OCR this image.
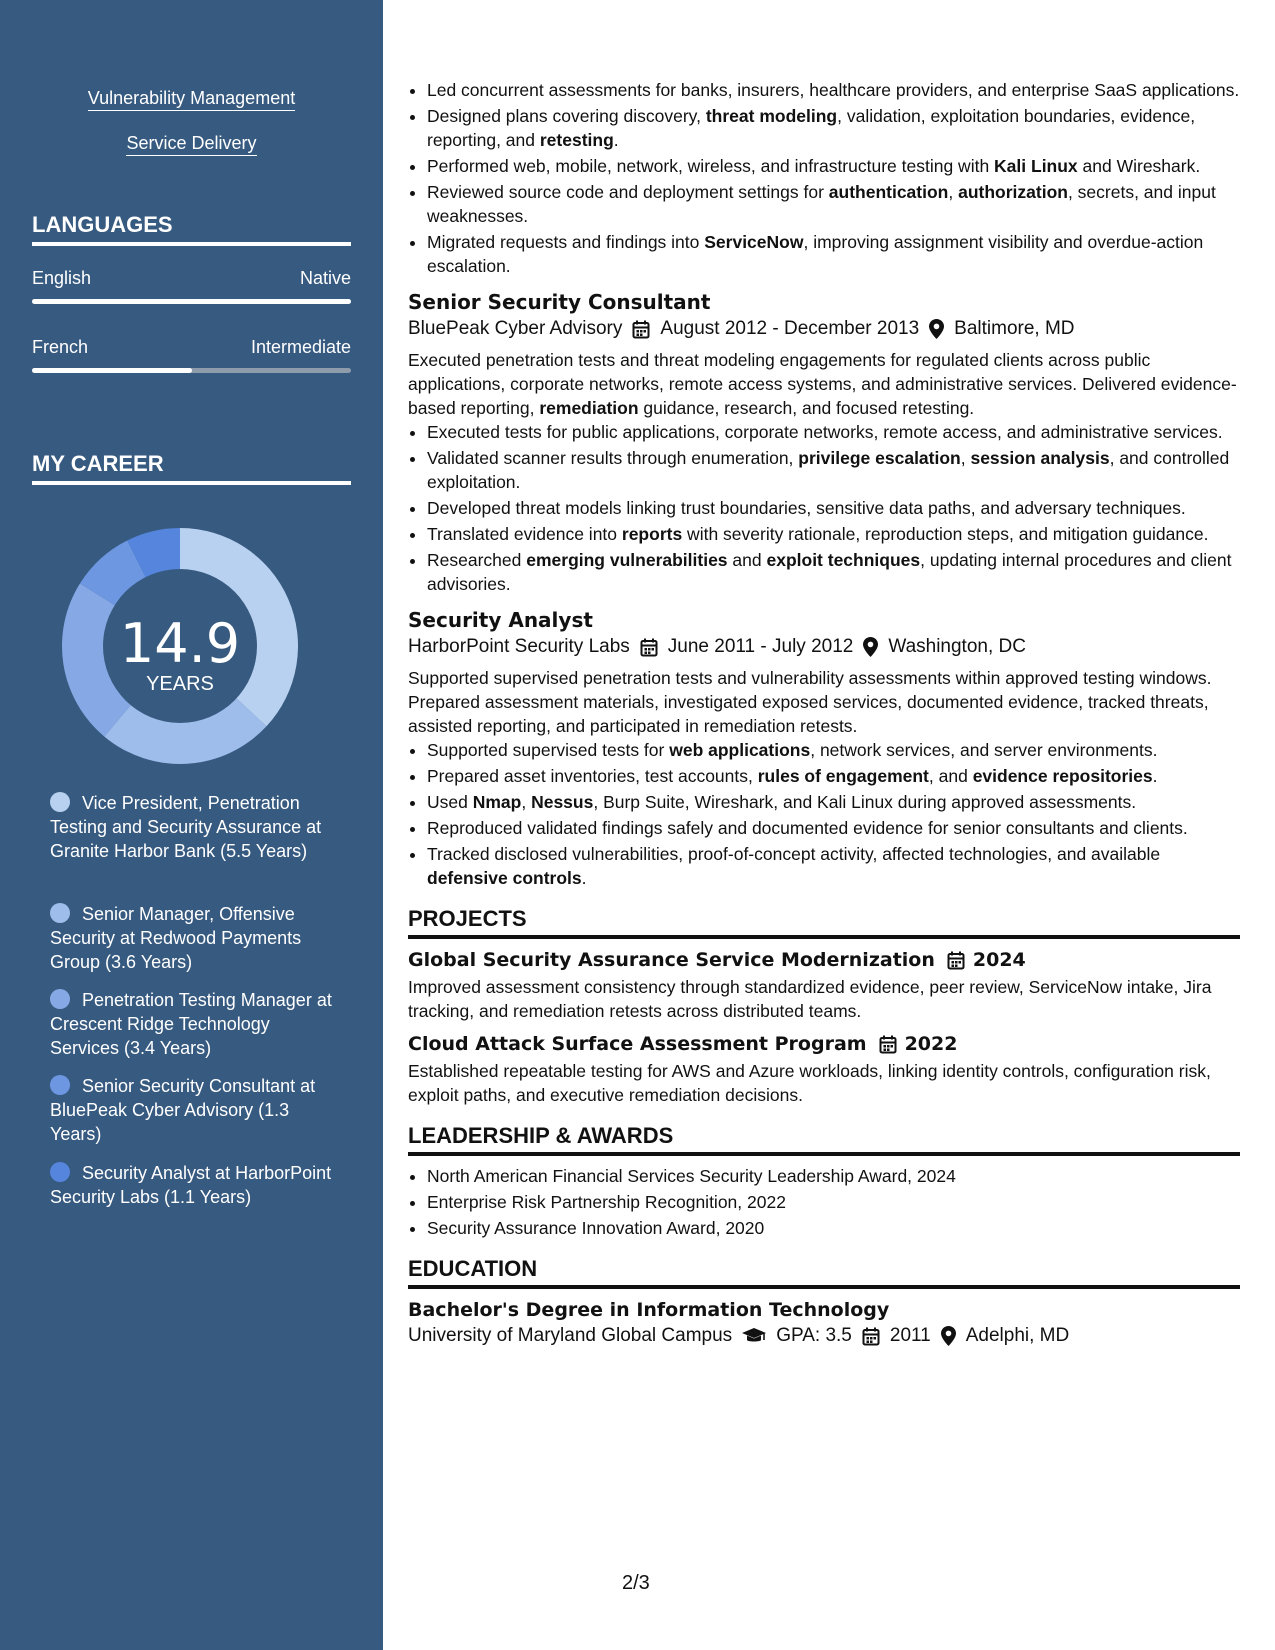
Vulnerability Management
Service Delivery
LANGUAGES
English	Native
French	Intermediate
MY CAREER
14.9
YEARS
Vice President, Penetration Testing and Security Assurance at Granite Harbor Bank (5.5 Years)
Senior Manager, Offensive Security at Redwood Payments Group (3.6 Years)
Penetration Testing Manager at Crescent Ridge Technology Services (3.4 Years)
Senior Security Consultant at BluePeak Cyber Advisory (1.3 Years)
Security Analyst at HarborPoint Security Labs (1.1 Years)
• Led concurrent assessments for banks, insurers, healthcare providers, and enterprise SaaS applications.
• Designed plans covering discovery, threat modeling, validation, exploitation boundaries, evidence, reporting, and retesting.
• Performed web, mobile, network, wireless, and infrastructure testing with Kali Linux and Wireshark.
• Reviewed source code and deployment settings for authentication, authorization, secrets, and input weaknesses.
• Migrated requests and findings into ServiceNow, improving assignment visibility and overdue-action escalation.
Senior Security Consultant
BluePeak Cyber Advisory August 2012 - December 2013 Baltimore, MD
Executed penetration tests and threat modeling engagements for regulated clients across public applications, corporate networks, remote access systems, and administrative services. Delivered evidence-based reporting, remediation guidance, research, and focused retesting.
• Executed tests for public applications, corporate networks, remote access, and administrative services.
• Validated scanner results through enumeration, privilege escalation, session analysis, and controlled exploitation.
• Developed threat models linking trust boundaries, sensitive data paths, and adversary techniques.
• Translated evidence into reports with severity rationale, reproduction steps, and mitigation guidance.
• Researched emerging vulnerabilities and exploit techniques, updating internal procedures and client advisories.
Security Analyst
HarborPoint Security Labs June 2011 - July 2012 Washington, DC
Supported supervised penetration tests and vulnerability assessments within approved testing windows. Prepared assessment materials, investigated exposed services, documented evidence, tracked threats, assisted reporting, and participated in remediation retests.
• Supported supervised tests for web applications, network services, and server environments.
• Prepared asset inventories, test accounts, rules of engagement, and evidence repositories.
• Used Nmap, Nessus, Burp Suite, Wireshark, and Kali Linux during approved assessments.
• Reproduced validated findings safely and documented evidence for senior consultants and clients.
• Tracked disclosed vulnerabilities, proof-of-concept activity, affected technologies, and available defensive controls.
PROJECTS
Global Security Assurance Service Modernization 2024
Improved assessment consistency through standardized evidence, peer review, ServiceNow intake, Jira tracking, and remediation retests across distributed teams.
Cloud Attack Surface Assessment Program 2022
Established repeatable testing for AWS and Azure workloads, linking identity controls, configuration risk, exploit paths, and executive remediation decisions.
LEADERSHIP & AWARDS
• North American Financial Services Security Leadership Award, 2024
• Enterprise Risk Partnership Recognition, 2022
• Security Assurance Innovation Award, 2020
EDUCATION
Bachelor's Degree in Information Technology
University of Maryland Global Campus GPA: 3.5 2011 Adelphi, MD
2/3
